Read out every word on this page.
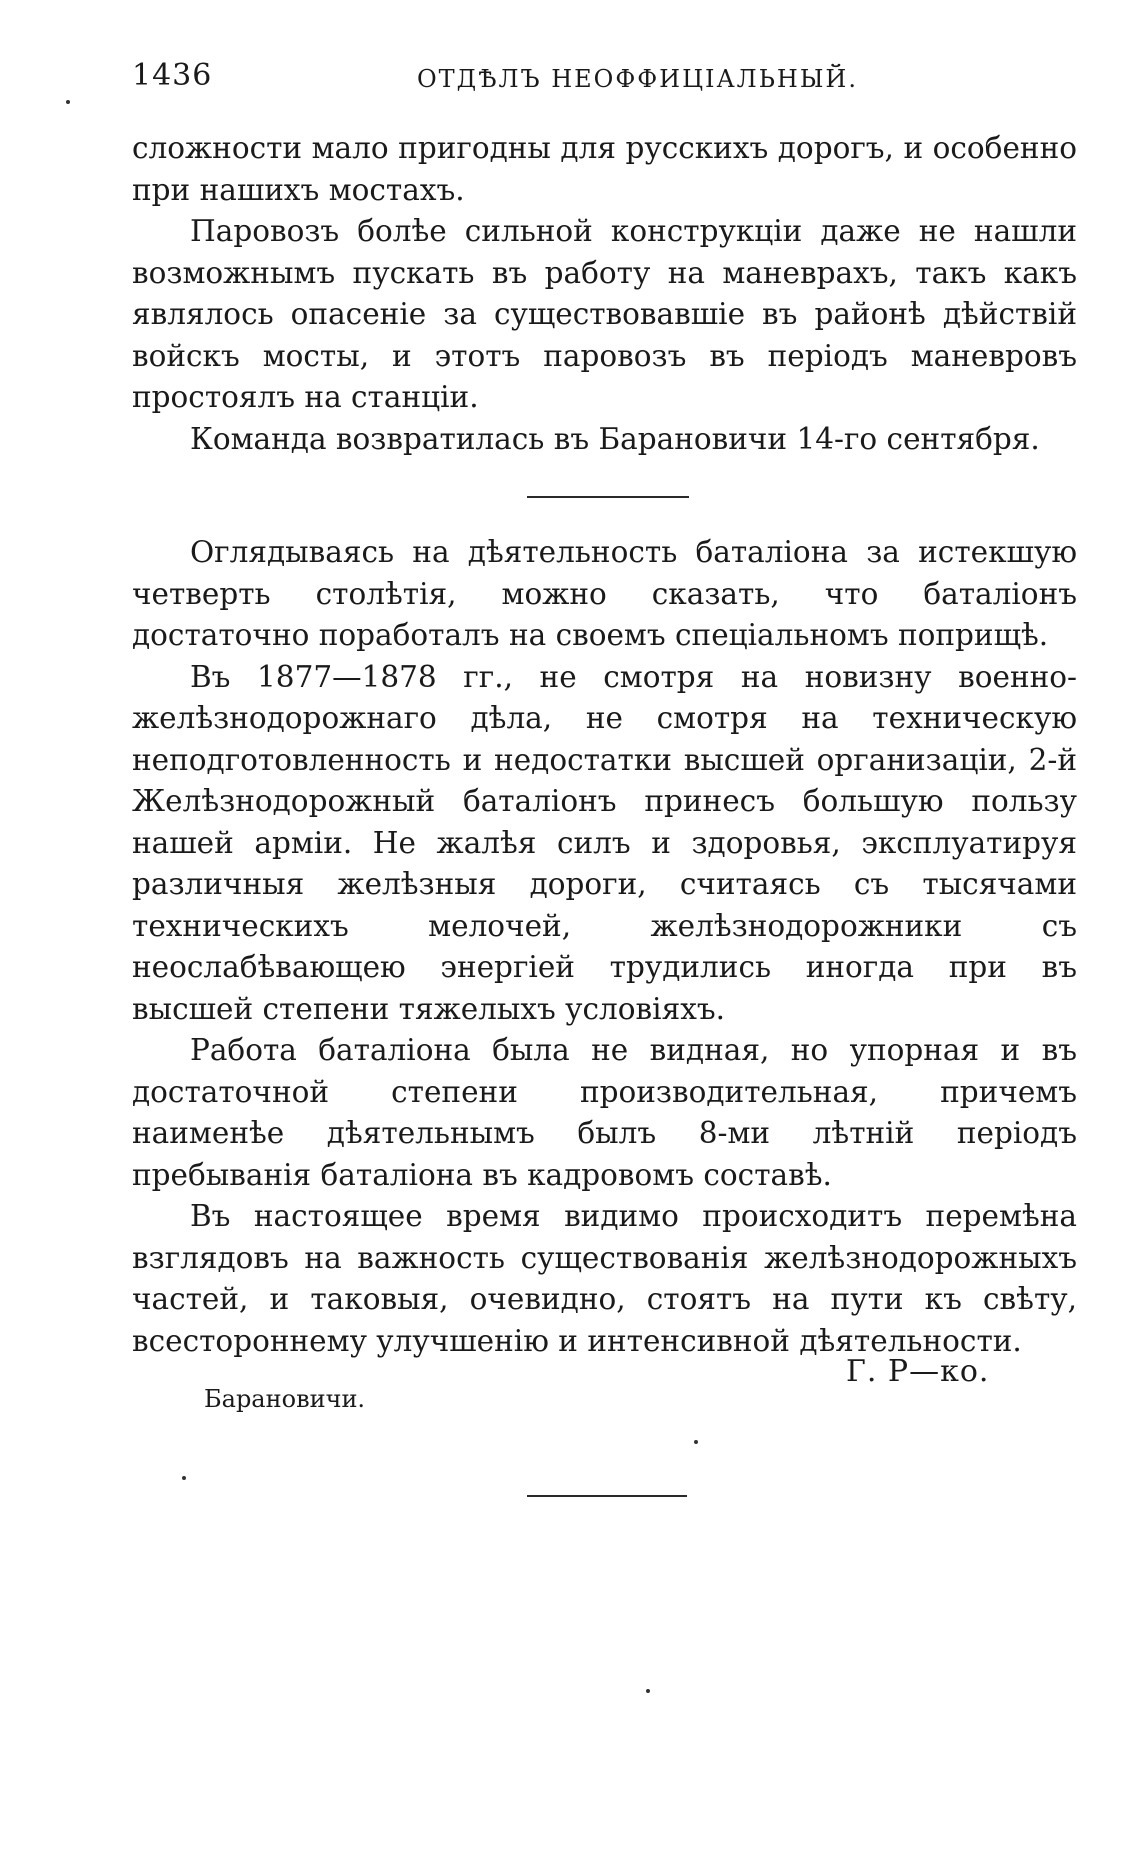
1436	ОТДѢЛЪ НЕОФФИЦІАЛЬНЫЙ.

сложности мало пригодны для русскихъ дорогъ, и особенно при нашихъ мостахъ.

Паровозъ болѣе сильной конструкціи даже не нашли возможнымъ пускать въ работу на маневрахъ, такъ какъ являлось опасеніе за существовавшіе въ районѣ дѣйствій войскъ мосты, и этотъ паровозъ въ періодъ маневровъ простоялъ на станціи.

Команда возвратилась въ Барановичи 14-го сентября.

Оглядываясь на дѣятельность баталіона за истекшую четверть столѣтія, можно сказать, что баталіонъ достаточно поработалъ на своемъ спеціальномъ поприщѣ.

Въ 1877—1878 гг., не смотря на новизну военно-желѣзнодорожнаго дѣла, не смотря на техническую неподготовленность и недостатки высшей организаціи, 2-й Желѣзнодорожный баталіонъ принесъ большую пользу нашей арміи. Не жалѣя силъ и здоровья, эксплуатируя различныя желѣзныя дороги, считаясь съ тысячами техническихъ мелочей, желѣзнодорожники съ неослабѣвающею энергіей трудились иногда при въ высшей степени тяжелыхъ условіяхъ.

Работа баталіона была не видная, но упорная и въ достаточной степени производительная, причемъ наименѣе дѣятельнымъ былъ 8-ми лѣтній періодъ пребыванія баталіона въ кадровомъ составѣ.

Въ настоящее время видимо происходитъ перемѣна взглядовъ на важность существованія желѣзнодорожныхъ частей, и таковыя, очевидно, стоятъ на пути къ свѣту, всестороннему улучшенію и интенсивной дѣятельности.

Г. Р—ко.
Барановичи.
